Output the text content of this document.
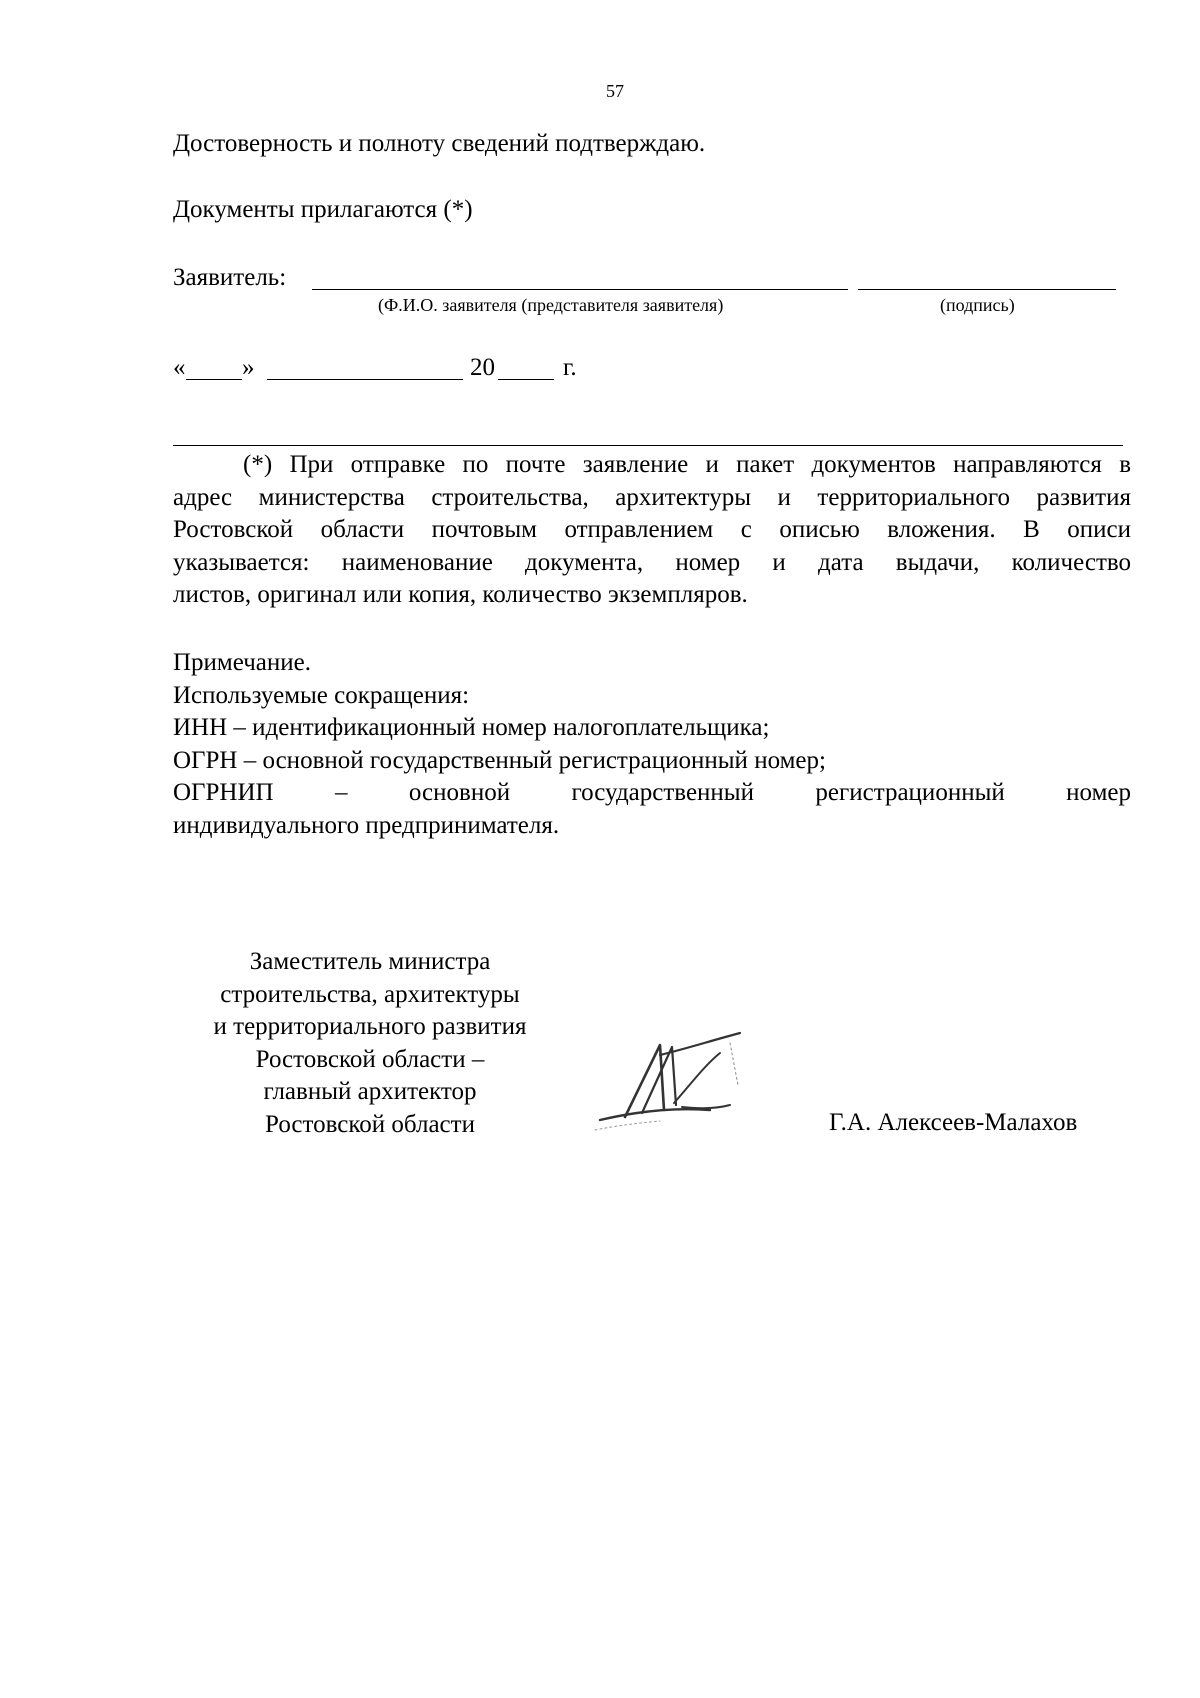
57
Достоверность и полноту сведений подтверждаю.
Документы прилагаются (*)
Заявитель:
(Ф.И.О. заявителя (представителя заявителя)	(подпись)
« »	20	г.
(*) При отправке по почте заявление и пакет документов направляются в
адрес министерства строительства, архитектуры и территориального развития
Ростовской области почтовым отправлением с описью вложения. В описи
указывается: наименование документа, номер и дата выдачи, количество
листов, оригинал или копия, количество экземпляров.
Примечание.
Используемые сокращения:
ИНН – идентификационный номер налогоплательщика;
ОГРН – основной государственный регистрационный номер;
ОГРНИП – основной государственный регистрационный номер
индивидуального предпринимателя.
Заместитель министра
строительства, архитектуры
и территориального развития
Ростовской области –
главный архитектор
Ростовской области	Г.А. Алексеев-Малахов
